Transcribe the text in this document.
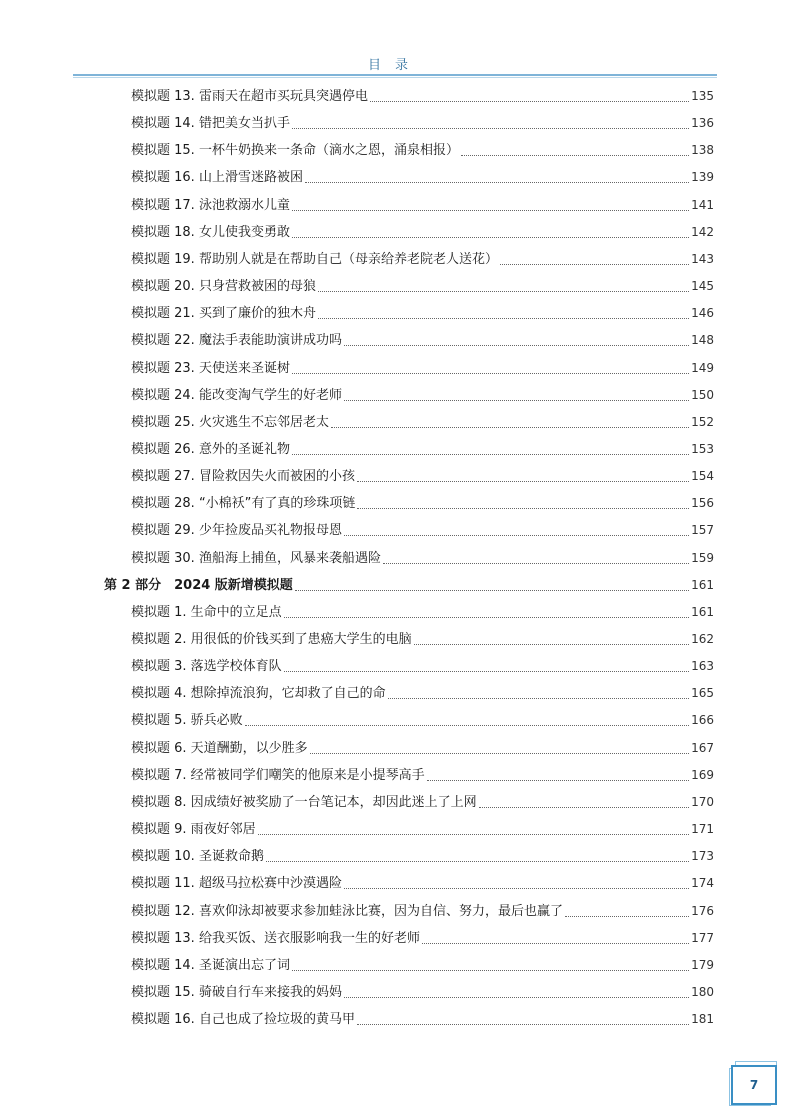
目录
模拟题 13. 雷雨天在超市买玩具突遇停电	135
模拟题 14. 错把美女当扒手	136
模拟题 15. 一杯牛奶换来一条命（滴水之恩，涌泉相报）	138
模拟题 16. 山上滑雪迷路被困	139
模拟题 17. 泳池救溺水儿童	141
模拟题 18. 女儿使我变勇敢	142
模拟题 19. 帮助别人就是在帮助自己（母亲给养老院老人送花）	143
模拟题 20. 只身营救被困的母狼	145
模拟题 21. 买到了廉价的独木舟	146
模拟题 22. 魔法手表能助演讲成功吗	148
模拟题 23. 天使送来圣诞树	149
模拟题 24. 能改变淘气学生的好老师	150
模拟题 25. 火灾逃生不忘邻居老太	152
模拟题 26. 意外的圣诞礼物	153
模拟题 27. 冒险救因失火而被困的小孩	154
模拟题 28. “小棉袄”有了真的珍珠项链	156
模拟题 29. 少年捡废品买礼物报母恩	157
模拟题 30. 渔船海上捕鱼，风暴来袭船遇险	159
第 2 部分　2024 版新增模拟题	161
模拟题 1. 生命中的立足点	161
模拟题 2. 用很低的价钱买到了患癌大学生的电脑	162
模拟题 3. 落选学校体育队	163
模拟题 4. 想除掉流浪狗，它却救了自己的命	165
模拟题 5. 骄兵必败	166
模拟题 6. 天道酬勤，以少胜多	167
模拟题 7. 经常被同学们嘲笑的他原来是小提琴高手	169
模拟题 8. 因成绩好被奖励了一台笔记本，却因此迷上了上网	170
模拟题 9. 雨夜好邻居	171
模拟题 10. 圣诞救命鹅	173
模拟题 11. 超级马拉松赛中沙漠遇险	174
模拟题 12. 喜欢仰泳却被要求参加蛙泳比赛，因为自信、努力，最后也赢了	176
模拟题 13. 给我买饭、送衣服影响我一生的好老师	177
模拟题 14. 圣诞演出忘了词	179
模拟题 15. 骑破自行车来接我的妈妈	180
模拟题 16. 自己也成了捡垃圾的黄马甲	181
7
